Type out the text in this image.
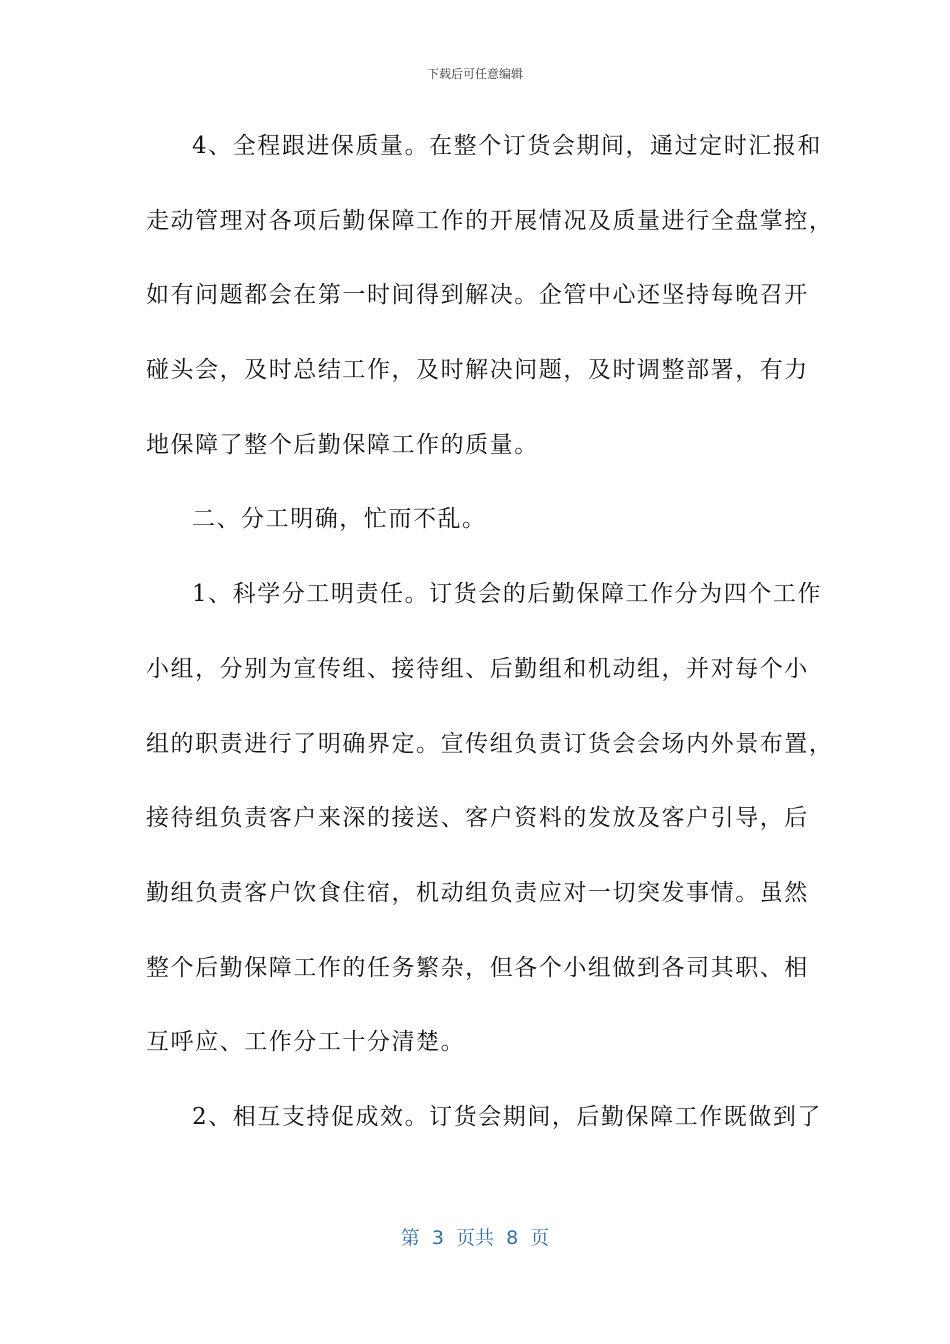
下载后可任意编辑
4、全程跟进保质量。在整个订货会期间，通过定时汇报和
走动管理对各项后勤保障工作的开展情况及质量进行全盘掌控，
如有问题都会在第一时间得到解决。企管中心还坚持每晚召开
碰头会，及时总结工作，及时解决问题，及时调整部署，有力
地保障了整个后勤保障工作的质量。
二、分工明确，忙而不乱。
1、科学分工明责任。订货会的后勤保障工作分为四个工作
小组，分别为宣传组、接待组、后勤组和机动组，并对每个小
组的职责进行了明确界定。宣传组负责订货会会场内外景布置，
接待组负责客户来深的接送、客户资料的发放及客户引导，后
勤组负责客户饮食住宿，机动组负责应对一切突发事情。虽然
整个后勤保障工作的任务繁杂，但各个小组做到各司其职、相
互呼应、工作分工十分清楚。
2、相互支持促成效。订货会期间，后勤保障工作既做到了
第  3  页共  8  页
